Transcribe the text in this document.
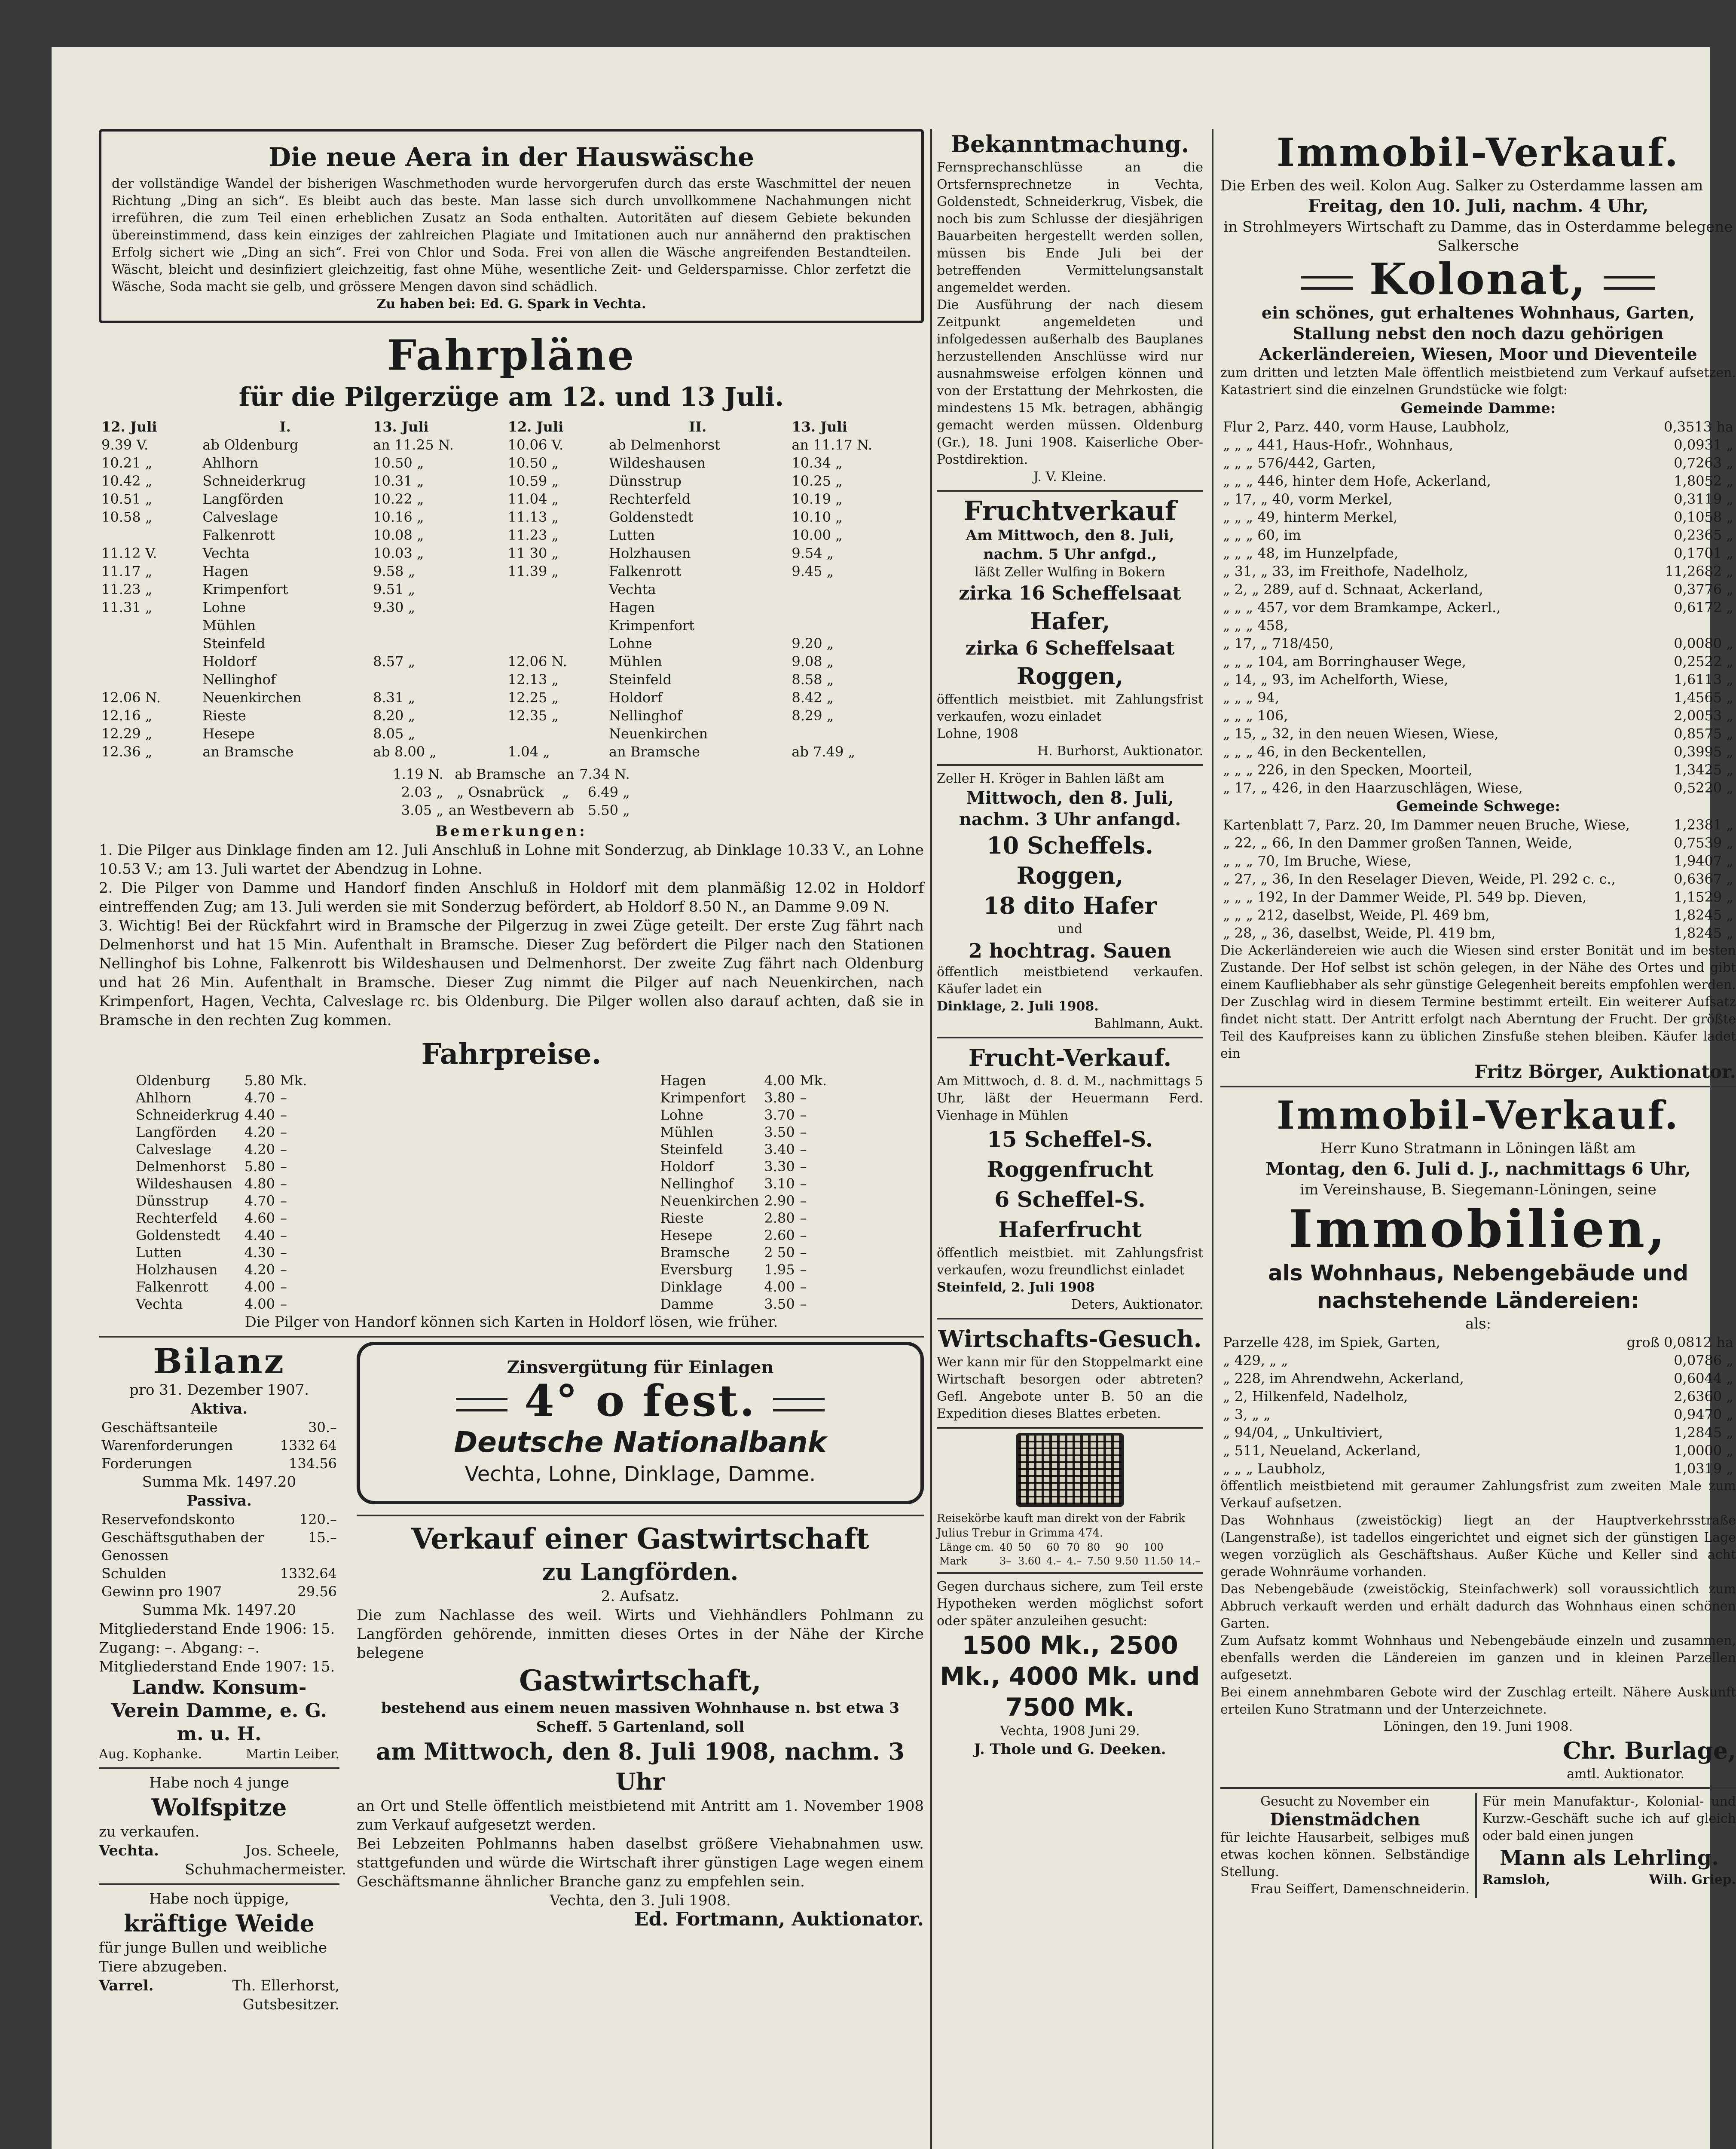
Die neue Aera in der Hauswäsche

der vollständige Wandel der bisherigen Waschmethoden wurde hervorgerufen durch das erste Waschmittel der neuen Richtung „Ding an sich“. Es bleibt auch das beste. Man lasse sich durch unvollkommene Nachahmungen nicht irreführen, die zum Teil einen erheblichen Zusatz an Soda enthalten. Autoritäten auf diesem Gebiete bekunden übereinstimmend, dass kein einziges der zahlreichen Plagiate und Imitationen auch nur annähernd den praktischen Erfolg sichert wie „Ding an sich“. Frei von Chlor und Soda. Frei von allen die Wäsche angreifenden Bestandteilen. Wäscht, bleicht und desinfiziert gleichzeitig, fast ohne Mühe, wesentliche Zeit- und Geldersparnisse. Chlor zerfetzt die Wäsche, Soda macht sie gelb, und grössere Mengen davon sind schädlich.

Zu haben bei: Ed. G. Spark in Vechta.

Fahrpläne

für die Pilgerzüge am 12. und 13 Juli.

12. Juli	I.	13. Juli	12. Juli	II.	13. Juli
9.39 V.	ab Oldenburg	an 11.25 N.	10.06 V.	ab Delmenhorst	an 11.17 N.
10.21 „	Ahlhorn	10.50 „	10.50 „	Wildeshausen	10.34 „
10.42 „	Schneiderkrug	10.31 „	10.59 „	Dünsstrup	10.25 „
10.51 „	Langförden	10.22 „	11.04 „	Rechterfeld	10.19 „
10.58 „	Calveslage	10.16 „	11.13 „	Goldenstedt	10.10 „
	Falkenrott	10.08 „	11.23 „	Lutten	10.00 „
11.12 V.	Vechta	10.03 „	11 30 „	Holzhausen	9.54 „
11.17 „	Hagen	9.58 „	11.39 „	Falkenrott	9.45 „
11.23 „	Krimpenfort	9.51 „		Vechta	
11.31 „	Lohne	9.30 „		Hagen	
	Mühlen			Krimpenfort	
	Steinfeld			Lohne	9.20 „
	Holdorf	8.57 „	12.06 N.	Mühlen	9.08 „
	Nellinghof		12.13 „	Steinfeld	8.58 „
12.06 N.	Neuenkirchen	8.31 „	12.25 „	Holdorf	8.42 „
12.16 „	Rieste	8.20 „	12.35 „	Nellinghof	8.29 „
12.29 „	Hesepe	8.05 „		Neuenkirchen	
12.36 „	an Bramsche	ab 8.00 „	1.04 „	an Bramsche	ab 7.49 „
1.19 N.	ab Bramsche	an	7.34 N.
2.03 „	„ Osnabrück	„	6.49 „
3.05 „	an Westbevern	ab	5.50 „

Bemerkungen:

1. Die Pilger aus Dinklage finden am 12. Juli Anschluß in Lohne mit Sonderzug, ab Dinklage 10.33 V., an Lohne 10.53 V.; am 13. Juli wartet der Abendzug in Lohne.

2. Die Pilger von Damme und Handorf finden Anschluß in Holdorf mit dem planmäßig 12.02 in Holdorf eintreffenden Zug; am 13. Juli werden sie mit Sonderzug befördert, ab Holdorf 8.50 N., an Damme 9.09 N.

3. Wichtig! Bei der Rückfahrt wird in Bramsche der Pilgerzug in zwei Züge geteilt. Der erste Zug fährt nach Delmenhorst und hat 15 Min. Aufenthalt in Bramsche. Dieser Zug befördert die Pilger nach den Stationen Nellinghof bis Lohne, Falkenrott bis Wildeshausen und Delmenhorst. Der zweite Zug fährt nach Oldenburg und hat 26 Min. Aufenthalt in Bramsche. Dieser Zug nimmt die Pilger auf nach Neuenkirchen, nach Krimpenfort, Hagen, Vechta, Calveslage rc. bis Oldenburg. Die Pilger wollen also darauf achten, daß sie in Bramsche in den rechten Zug kommen.

Fahrpreise.

Oldenburg	5.80	Mk.
Ahlhorn	4.70	–
Schneiderkrug	4.40	–
Langförden	4.20	–
Calveslage	4.20	–
Delmenhorst	5.80	–
Wildeshausen	4.80	–
Dünsstrup	4.70	–
Rechterfeld	4.60	–
Goldenstedt	4.40	–
Lutten	4.30	–
Holzhausen	4.20	–
Falkenrott	4.00	–
Vechta	4.00	–
Hagen	4.00	Mk.
Krimpenfort	3.80	–
Lohne	3.70	–
Mühlen	3.50	–
Steinfeld	3.40	–
Holdorf	3.30	–
Nellinghof	3.10	–
Neuenkirchen	2.90	–
Rieste	2.80	–
Hesepe	2.60	–
Bramsche	2 50	–
Eversburg	1.95	–
Dinklage	4.00	–
Damme	3.50	–

Die Pilger von Handorf können sich Karten in Holdorf lösen, wie früher.

Bilanz

pro 31. Dezember 1907.

Aktiva.

Geschäftsanteile	30.–
Warenforderungen	1332 64
Forderungen	134.56

Summa Mk. 1497.20

Passiva.

Reservefondskonto	120.–
Geschäftsguthaben der Genossen	15.–
Schulden	1332.64
Gewinn pro 1907	29.56

Summa Mk. 1497.20

Mitgliederstand Ende 1906: 15. Zugang: –. Abgang: –. Mitgliederstand Ende 1907: 15.

Landw. Konsum-Verein Damme, e. G. m. u. H.

Aug. Kophanke.	Martin Leiber.

Habe noch 4 junge

Wolfspitze

zu verkaufen.

Vechta.	Jos. Scheele, Schuhmachermeister.

Habe noch üppige,

kräftige Weide

für junge Bullen und weibliche Tiere abzugeben.

Varrel.	Th. Ellerhorst, Gutsbesitzer.

Zinsvergütung für Einlagen

4° o fest.

Deutsche Nationalbank

Vechta, Lohne, Dinklage, Damme.

Verkauf einer Gastwirtschaft

zu Langförden.

2. Aufsatz.

Die zum Nachlasse des weil. Wirts und Viehhändlers Pohlmann zu Langförden gehörende, inmitten dieses Ortes in der Nähe der Kirche belegene

Gastwirtschaft,

bestehend aus einem neuen massiven Wohnhause n. bst etwa 3 Scheff. 5 Gartenland, soll

am Mittwoch, den 8. Juli 1908, nachm. 3 Uhr

an Ort und Stelle öffentlich meistbietend mit Antritt am 1. November 1908 zum Verkauf aufgesetzt werden.

Bei Lebzeiten Pohlmanns haben daselbst größere Viehabnahmen usw. stattgefunden und würde die Wirtschaft ihrer günstigen Lage wegen einem Geschäftsmanne ähnlicher Branche ganz zu empfehlen sein.

Vechta, den 3. Juli 1908.

Ed. Fortmann, Auktionator.

Bekanntmachung.

Fernsprechanschlüsse an die Ortsfernsprechnetze in Vechta, Goldenstedt, Schneiderkrug, Visbek, die noch bis zum Schlusse der diesjährigen Bauarbeiten hergestellt werden sollen, müssen bis Ende Juli bei der betreffenden Vermittelungsanstalt angemeldet werden.

Die Ausführung der nach diesem Zeitpunkt angemeldeten und infolgedessen außerhalb des Bauplanes herzustellenden Anschlüsse wird nur ausnahmsweise erfolgen können und von der Erstattung der Mehrkosten, die mindestens 15 Mk. betragen, abhängig gemacht werden müssen. Oldenburg (Gr.), 18. Juni 1908. Kaiserliche Ober-Postdirektion.

J. V. Kleine.

Fruchtverkauf

Am Mittwoch, den 8. Juli, nachm. 5 Uhr anfgd.,

läßt Zeller Wulfing in Bokern

zirka 16 Scheffelsaat

Hafer,

zirka 6 Scheffelsaat

Roggen,

öffentlich meistbiet. mit Zahlungsfrist verkaufen, wozu einladet

Lohne, 1908

H. Burhorst, Auktionator.

Zeller H. Kröger in Bahlen läßt am

Mittwoch, den 8. Juli, nachm. 3 Uhr anfangd.

10 Scheffels.

Roggen,

18 dito Hafer

und

2 hochtrag. Sauen

öffentlich meistbietend verkaufen. Käufer ladet ein

Dinklage, 2. Juli 1908.

Bahlmann, Aukt.

Frucht-Verkauf.

Am Mittwoch, d. 8. d. M., nachmittags 5 Uhr, läßt der Heuermann Ferd. Vienhage in Mühlen

15 Scheffel-S.

Roggenfrucht

6 Scheffel-S.

Haferfrucht

öffentlich meistbiet. mit Zahlungsfrist verkaufen, wozu freundlichst einladet

Steinfeld, 2. Juli 1908

Deters, Auktionator.

Wirtschafts-Gesuch.

Wer kann mir für den Stoppelmarkt eine Wirtschaft besorgen oder abtreten? Gefl. Angebote unter B. 50 an die Expedition dieses Blattes erbeten.

Reisekörbe kauft man direkt von der Fabrik Julius Trebur in Grimma 474.

Länge cm.	40	50	60	70	80	90	100	
Mark	3–	3.60	4.–	4.–	7.50	9.50	11.50	14.–

Gegen durchaus sichere, zum Teil erste Hypotheken werden möglichst sofort oder später anzuleihen gesucht:

1500 Mk., 2500 Mk., 4000 Mk. und 7500 Mk.

Vechta, 1908 Juni 29.

J. Thole und G. Deeken.

Immobil-Verkauf.

Die Erben des weil. Kolon Aug. Salker zu Osterdamme lassen am

Freitag, den 10. Juli, nachm. 4 Uhr,

in Strohlmeyers Wirtschaft zu Damme, das in Osterdamme belegene Salkersche

Kolonat,

ein schönes, gut erhaltenes Wohnhaus, Garten, Stallung nebst den noch dazu gehörigen Ackerländereien, Wiesen, Moor und Dieventeile

zum dritten und letzten Male öffentlich meistbietend zum Verkauf aufsetzen. Katastriert sind die einzelnen Grundstücke wie folgt:

Gemeinde Damme:

Flur 2, Parz. 440, vorm Hause, Laubholz,	0,3513 ha
„ „ „ 441, Haus-Hofr., Wohnhaus,	0,0931 „
„ „ „ 576/442, Garten,	0,7263 „
„ „ „ 446, hinter dem Hofe, Ackerland,	1,8052 „
„ 17, „ 40, vorm Merkel,	0,3119 „
„ „ „ 49, hinterm Merkel,	0,1058 „
„ „ „ 60, im	0,2365 „
„ „ „ 48, im Hunzelpfade,	0,1701 „
„ 31, „ 33, im Freithofe, Nadelholz,	11,2682 „
„ 2, „ 289, auf d. Schnaat, Ackerland,	0,3776 „
„ „ „ 457, vor dem Bramkampe, Ackerl.,	0,6172 „
„ „ „ 458,	
„ 17, „ 718/450,	0,0080 „
„ „ „ 104, am Borringhauser Wege,	0,2522 „
„ 14, „ 93, im Achelforth, Wiese,	1,6113 „
„ „ „ 94,	1,4565 „
„ „ „ 106,	2,0053 „
„ 15, „ 32, in den neuen Wiesen, Wiese,	0,8575 „
„ „ „ 46, in den Beckentellen,	0,3995 „
„ „ „ 226, in den Specken, Moorteil,	1,3425 „
„ 17, „ 426, in den Haarzuschlägen, Wiese,	0,5220 „

Gemeinde Schwege:

Kartenblatt 7, Parz. 20, Im Dammer neuen Bruche, Wiese,	1,2381 „
„ 22, „ 66, In den Dammer großen Tannen, Weide,	0,7539 „
„ „ „ 70, Im Bruche, Wiese,	1,9407 „
„ 27, „ 36, In den Reselager Dieven, Weide, Pl. 292 c. c.,	0,6367 „
„ „ „ 192, In der Dammer Weide, Pl. 549 bp. Dieven,	1,1529 „
„ „ „ 212, daselbst, Weide, Pl. 469 bm,	1,8245 „
„ 28, „ 36, daselbst, Weide, Pl. 419 bm,	1,8245 „

Die Ackerländereien wie auch die Wiesen sind erster Bonität und im besten Zustande. Der Hof selbst ist schön gelegen, in der Nähe des Ortes und gibt einem Kaufliebhaber als sehr günstige Gelegenheit bereits empfohlen werden.

Der Zuschlag wird in diesem Termine bestimmt erteilt. Ein weiterer Aufsatz findet nicht statt. Der Antritt erfolgt nach Aberntung der Frucht. Der größte Teil des Kaufpreises kann zu üblichen Zinsfuße stehen bleiben. Käufer ladet ein

Fritz Börger, Auktionator.

Immobil-Verkauf.

Herr Kuno Stratmann in Löningen läßt am

Montag, den 6. Juli d. J., nachmittags 6 Uhr,

im Vereinshause, B. Siegemann-Löningen, seine

Immobilien,

als Wohnhaus, Nebengebäude und nachstehende Ländereien:

als:

Parzelle 428, im Spiek, Garten,	groß 0,0812 ha
„ 429, „ „	0,0786 „
„ 228, im Ahrendwehn, Ackerland,	0,6044 „
„ 2, Hilkenfeld, Nadelholz,	2,6360 „
„ 3, „ „	0,9470 „
„ 94/04, „ Unkultiviert,	1,2845 „
„ 511, Neueland, Ackerland,	1,0000 „
„ „ „ Laubholz,	1,0319 „

öffentlich meistbietend mit geraumer Zahlungsfrist zum zweiten Male zum Verkauf aufsetzen.

Das Wohnhaus (zweistöckig) liegt an der Hauptverkehrsstraße (Langenstraße), ist tadellos eingerichtet und eignet sich der günstigen Lage wegen vorzüglich als Geschäftshaus. Außer Küche und Keller sind acht gerade Wohnräume vorhanden.

Das Nebengebäude (zweistöckig, Steinfachwerk) soll voraussichtlich zum Abbruch verkauft werden und erhält dadurch das Wohnhaus einen schönen Garten.

Zum Aufsatz kommt Wohnhaus und Nebengebäude einzeln und zusammen, ebenfalls werden die Ländereien im ganzen und in kleinen Parzellen aufgesetzt.

Bei einem annehmbaren Gebote wird der Zuschlag erteilt. Nähere Auskunft erteilen Kuno Stratmann und der Unterzeichnete.

Löningen, den 19. Juni 1908.

Chr. Burlage,

amtl. Auktionator.

Gesucht zu November ein

Dienstmädchen

für leichte Hausarbeit, selbiges muß etwas kochen können. Selbständige Stellung.

Frau Seiffert, Damenschneiderin.

Für mein Manufaktur-, Kolonial- und Kurzw.-Geschäft suche ich auf gleich oder bald einen jungen

Mann als Lehrling.

Ramsloh,	Wilh. Griep.
